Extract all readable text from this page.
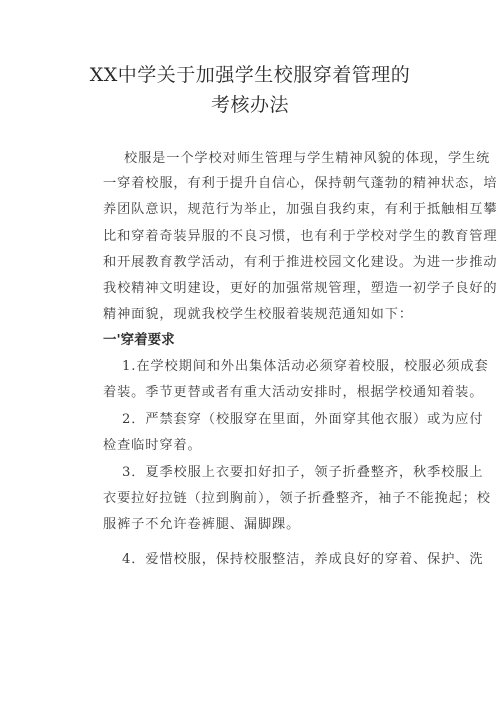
XX中学关于加强学生校服穿着管理的
考核办法
校服是一个学校对师生管理与学生精神风貌的体现，学生统
一穿着校服，有利于提升自信心，保持朝气蓬勃的精神状态，培
养团队意识，规范行为举止，加强自我约束，有利于抵触相互攀
比和穿着奇装异服的不良习惯，也有利于学校对学生的教育管理
和开展教育教学活动，有利于推进校园文化建设。为进一步推动
我校精神文明建设，更好的加强常规管理，塑造一初学子良好的
精神面貌，现就我校学生校服着装规范通知如下：
一'穿着要求
1.在学校期间和外出集体活动必须穿着校服，校服必须成套
着装。季节更替或者有重大活动安排时，根据学校通知着装。
2．严禁套穿（校服穿在里面，外面穿其他衣服）或为应付
检查临时穿着。
3．夏季校服上衣要扣好扣子，领子折叠整齐，秋季校服上
衣要拉好拉链（拉到胸前），领子折叠整齐，袖子不能挽起；校
服裤子不允许卷裤腿、漏脚踝。
4．爱惜校服，保持校服整洁，养成良好的穿着、保护、洗
